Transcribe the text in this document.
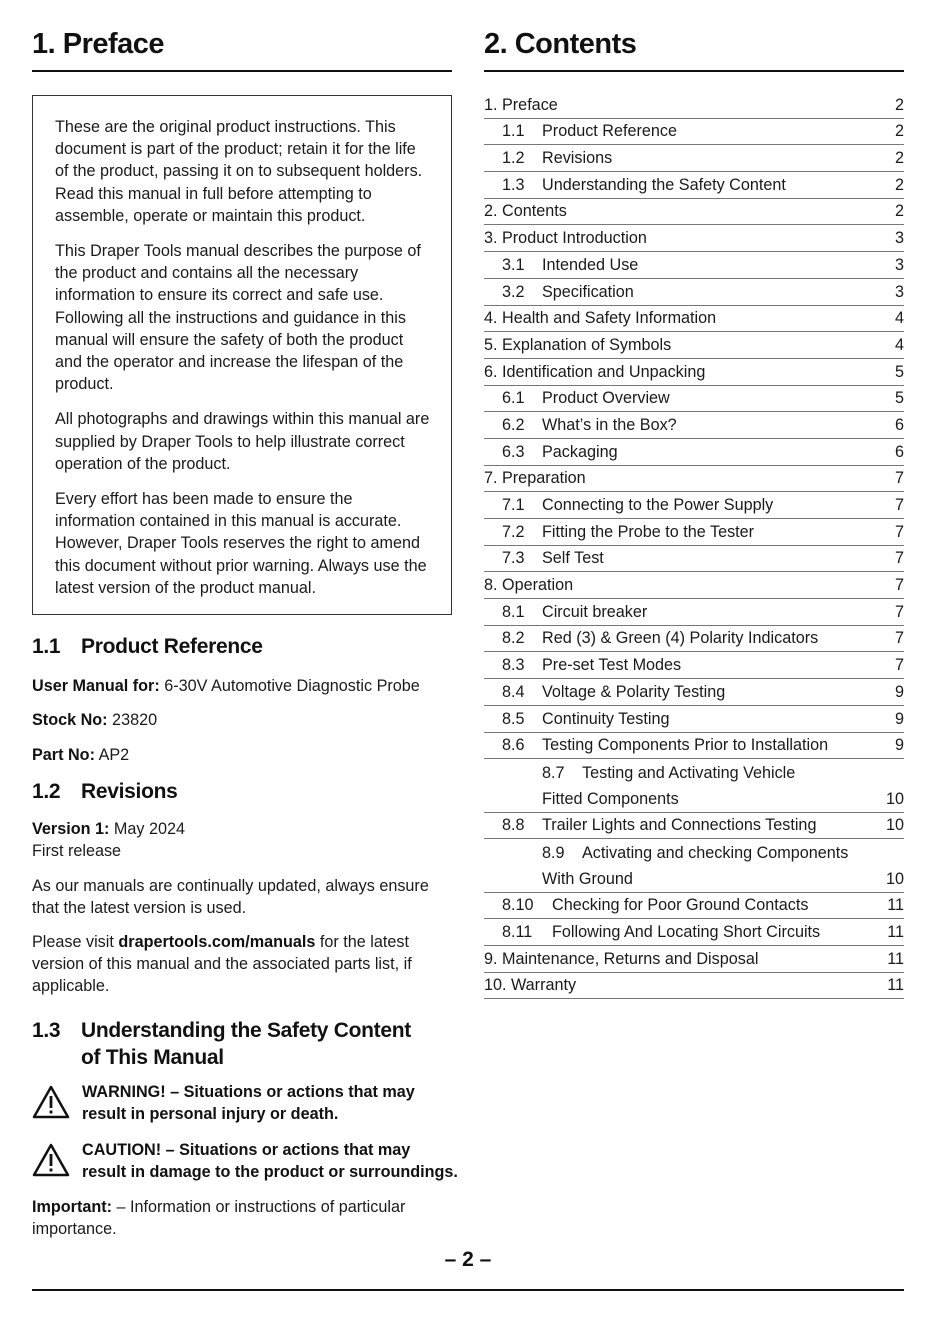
1. Preface

These are the original product instructions. This document is part of the product; retain it for the life of the product, passing it on to subsequent holders. Read this manual in full before attempting to assemble, operate or maintain this product.

This Draper Tools manual describes the purpose of the product and contains all the necessary information to ensure its correct and safe use. Following all the instructions and guidance in this manual will ensure the safety of both the product and the operator and increase the lifespan of the product.

All photographs and drawings within this manual are supplied by Draper Tools to help illustrate correct operation of the product.

Every effort has been made to ensure the information contained in this manual is accurate. However, Draper Tools reserves the right to amend this document without prior warning. Always use the latest version of the product manual.

1.1 Product Reference
User Manual for: 6-30V Automotive Diagnostic Probe
Stock No: 23820
Part No: AP2
1.2 Revisions
Version 1: May 2024
First release
As our manuals are continually updated, always ensure that the latest version is used.
Please visit drapertools.com/manuals for the latest version of this manual and the associated parts list, if applicable.
1.3 Understanding the Safety Content
of This Manual
WARNING! – Situations or actions that may
result in personal injury or death.
CAUTION! – Situations or actions that may
result in damage to the product or surroundings.
Important: – Information or instructions of particular importance.
2. Contents
1. Preface	2
1.1 Product Reference	2
1.2 Revisions	2
1.3 Understanding the Safety Content	2
2. Contents	2
3. Product Introduction	3
3.1 Intended Use	3
3.2 Specification	3
4. Health and Safety Information	4
5. Explanation of Symbols	4
6. Identification and Unpacking	5
6.1 Product Overview	5
6.2 What’s in the Box?	6
6.3 Packaging	6
7. Preparation	7
7.1 Connecting to the Power Supply	7
7.2 Fitting the Probe to the Tester	7
7.3 Self Test	7
8. Operation	7
8.1 Circuit breaker	7
8.2 Red (3) & Green (4) Polarity Indicators	7
8.3 Pre-set Test Modes	7
8.4 Voltage & Polarity Testing	9
8.5 Continuity Testing	9
8.6 Testing Components Prior to Installation	9
8.7 Testing and Activating Vehicle
Fitted Components	10
8.8 Trailer Lights and Connections Testing	10
8.9 Activating and checking Components
With Ground	10
8.10 Checking for Poor Ground Contacts	11
8.11 Following And Locating Short Circuits	11
9. Maintenance, Returns and Disposal	11
10. Warranty	11
– 2 –
